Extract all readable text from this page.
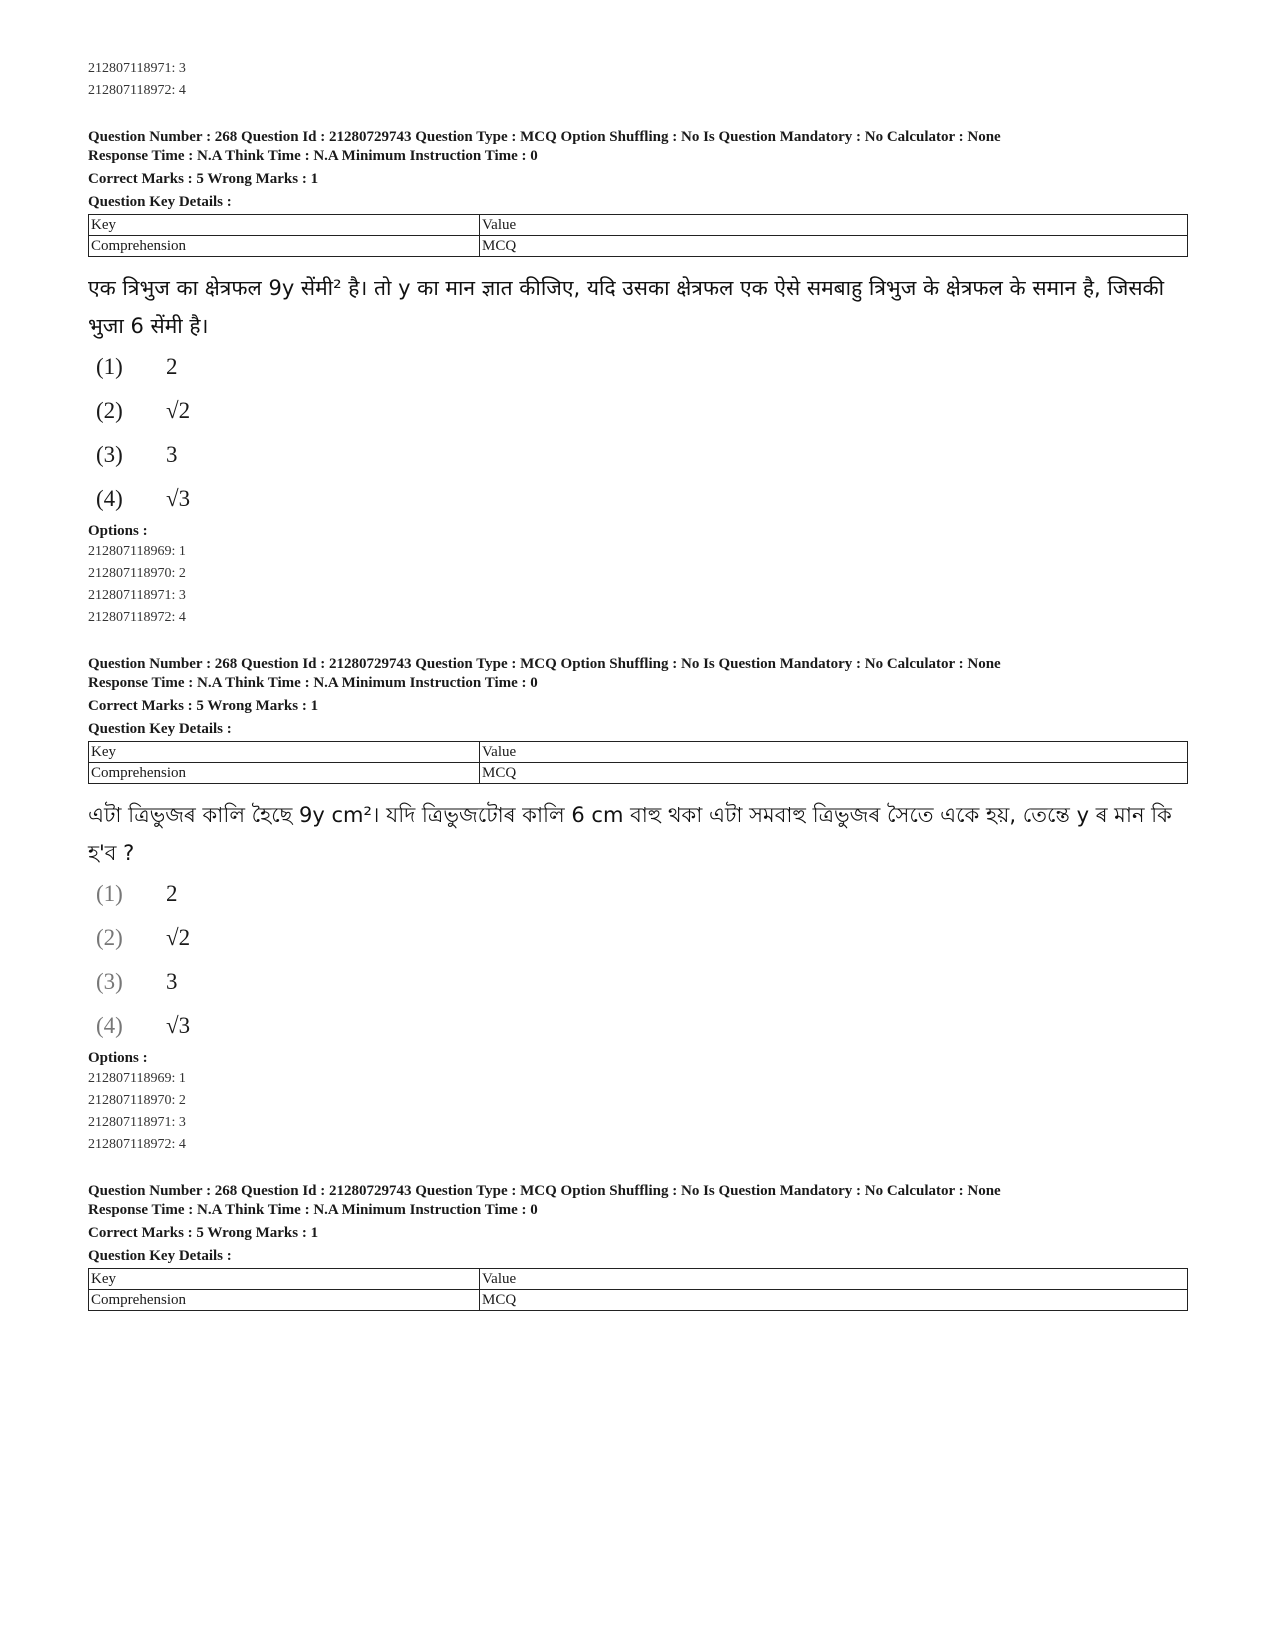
212807118971: 3
212807118972: 4
Question Number : 268 Question Id : 21280729743 Question Type : MCQ Option Shuffling : No Is Question Mandatory : No Calculator : None
Response Time : N.A Think Time : N.A Minimum Instruction Time : 0
Correct Marks : 5 Wrong Marks : 1
Question Key Details :
Key	Value
Comprehension	MCQ
एक त्रिभुज का क्षेत्रफल 9y सेंमी² है। तो y का मान ज्ञात कीजिए, यदि उसका क्षेत्रफल एक ऐसे समबाहु त्रिभुज के क्षेत्रफल के समान है, जिसकी भुजा 6 सेंमी है।
(1)	2
(2)	√2
(3)	3
(4)	√3
Options :
212807118969: 1
212807118970: 2
212807118971: 3
212807118972: 4
Question Number : 268 Question Id : 21280729743 Question Type : MCQ Option Shuffling : No Is Question Mandatory : No Calculator : None
Response Time : N.A Think Time : N.A Minimum Instruction Time : 0
Correct Marks : 5 Wrong Marks : 1
Question Key Details :
Key	Value
Comprehension	MCQ
এটা ত্ৰিভুজৰ কালি হৈছে 9y cm²। যদি ত্ৰিভুজটোৰ কালি 6 cm বাহু থকা এটা সমবাহু ত্ৰিভুজৰ সৈতে একে হয়, তেন্তে y ৰ মান কি হ'ব ?
(1)	2
(2)	√2
(3)	3
(4)	√3
Options :
212807118969: 1
212807118970: 2
212807118971: 3
212807118972: 4
Question Number : 268 Question Id : 21280729743 Question Type : MCQ Option Shuffling : No Is Question Mandatory : No Calculator : None
Response Time : N.A Think Time : N.A Minimum Instruction Time : 0
Correct Marks : 5 Wrong Marks : 1
Question Key Details :
Key	Value
Comprehension	MCQ
